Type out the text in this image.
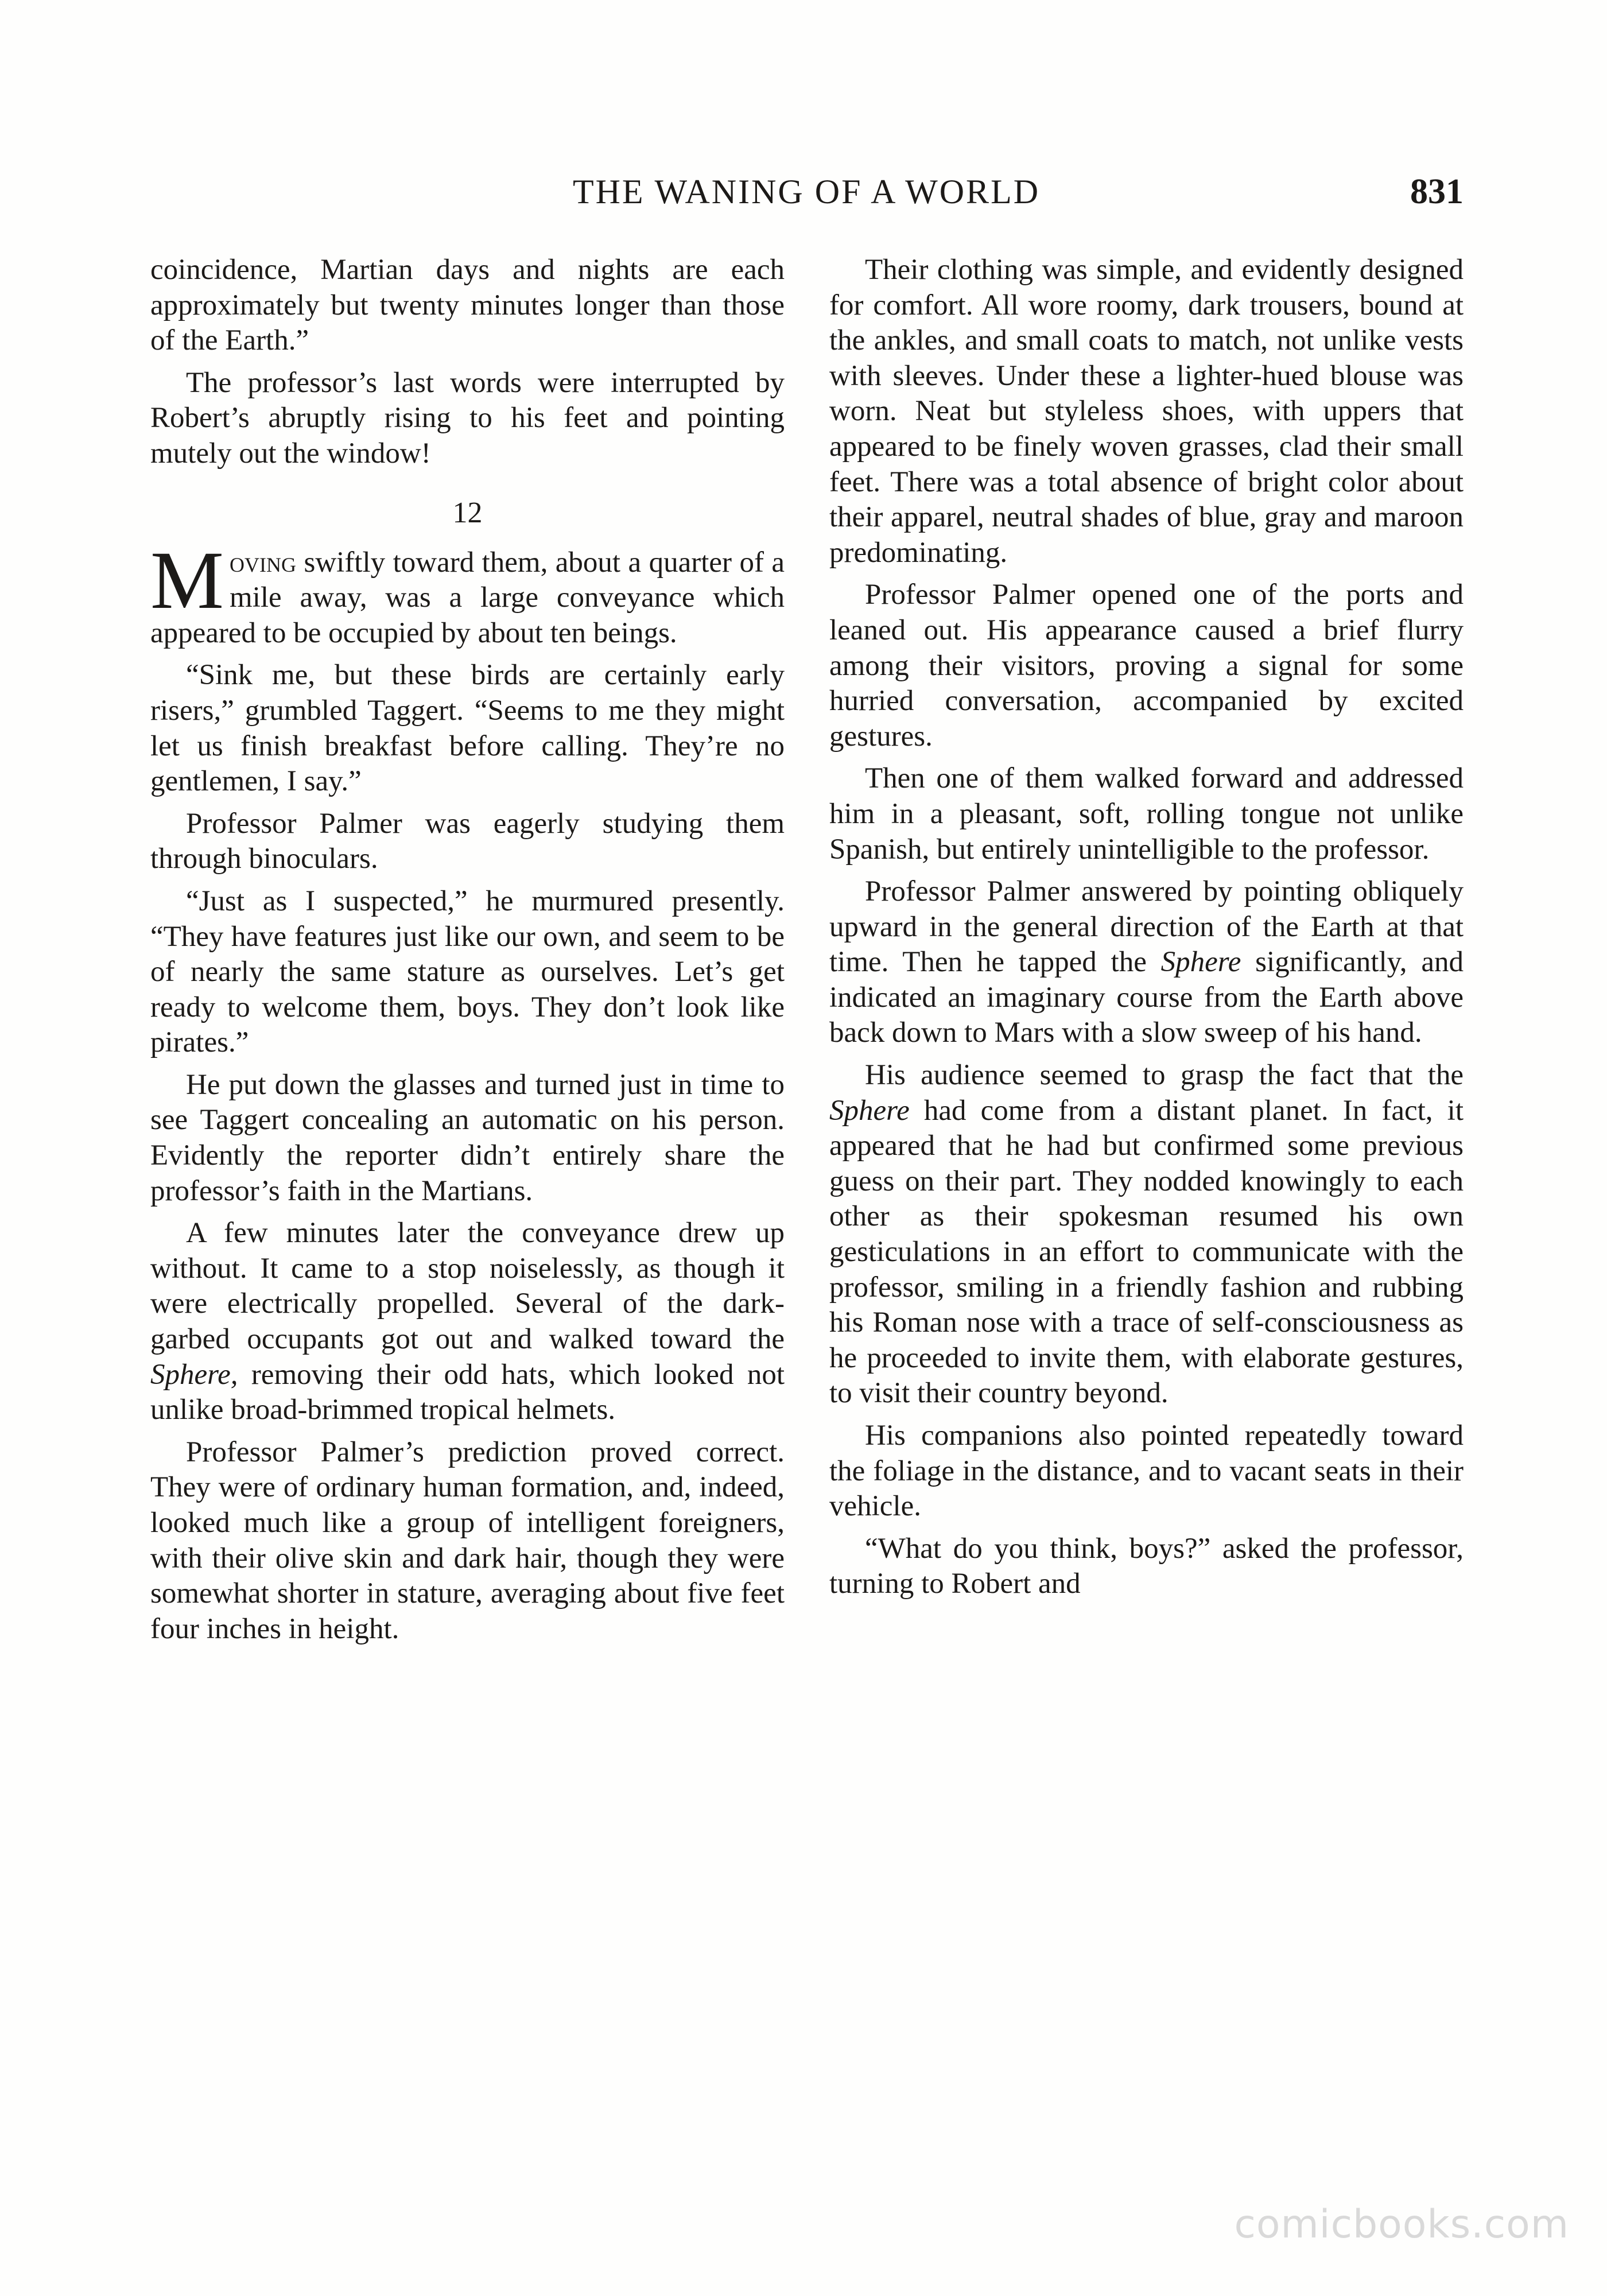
THE WANING OF A WORLD	831

coincidence, Martian days and nights are each approximately but twenty minutes longer than those of the Earth.”

The professor’s last words were interrupted by Robert’s abruptly rising to his feet and pointing mutely out the window!

12

Moving swiftly toward them, about a quarter of a mile away, was a large conveyance which appeared to be occupied by about ten beings.

“Sink me, but these birds are certainly early risers,” grumbled Taggert. “Seems to me they might let us finish breakfast before calling. They’re no gentlemen, I say.”

Professor Palmer was eagerly studying them through binoculars.

“Just as I suspected,” he murmured presently. “They have features just like our own, and seem to be of nearly the same stature as ourselves. Let’s get ready to welcome them, boys. They don’t look like pirates.”

He put down the glasses and turned just in time to see Taggert concealing an automatic on his person. Evidently the reporter didn’t entirely share the professor’s faith in the Martians.

A few minutes later the conveyance drew up without. It came to a stop noiselessly, as though it were electrically propelled. Several of the dark-garbed occupants got out and walked toward the Sphere, removing their odd hats, which looked not unlike broad-brimmed tropical helmets.

Professor Palmer’s prediction proved correct. They were of ordinary human formation, and, indeed, looked much like a group of intelligent foreigners, with their olive skin and dark hair, though they were somewhat shorter in stature, averaging about five feet four inches in height.

Their clothing was simple, and evidently designed for comfort. All wore roomy, dark trousers, bound at the ankles, and small coats to match, not unlike vests with sleeves. Under these a lighter-hued blouse was worn. Neat but styleless shoes, with uppers that appeared to be finely woven grasses, clad their small feet. There was a total absence of bright color about their apparel, neutral shades of blue, gray and maroon predominating.

Professor Palmer opened one of the ports and leaned out. His appearance caused a brief flurry among their visitors, proving a signal for some hurried conversation, accompanied by excited gestures.

Then one of them walked forward and addressed him in a pleasant, soft, rolling tongue not unlike Spanish, but entirely unintelligible to the professor.

Professor Palmer answered by pointing obliquely upward in the general direction of the Earth at that time. Then he tapped the Sphere significantly, and indicated an imaginary course from the Earth above back down to Mars with a slow sweep of his hand.

His audience seemed to grasp the fact that the Sphere had come from a distant planet. In fact, it appeared that he had but confirmed some previous guess on their part. They nodded knowingly to each other as their spokesman resumed his own gesticulations in an effort to communicate with the professor, smiling in a friendly fashion and rubbing his Roman nose with a trace of self-consciousness as he proceeded to invite them, with elaborate gestures, to visit their country beyond.

His companions also pointed repeatedly toward the foliage in the distance, and to vacant seats in their vehicle.

“What do you think, boys?” asked the professor, turning to Robert and

comicbooks.com
